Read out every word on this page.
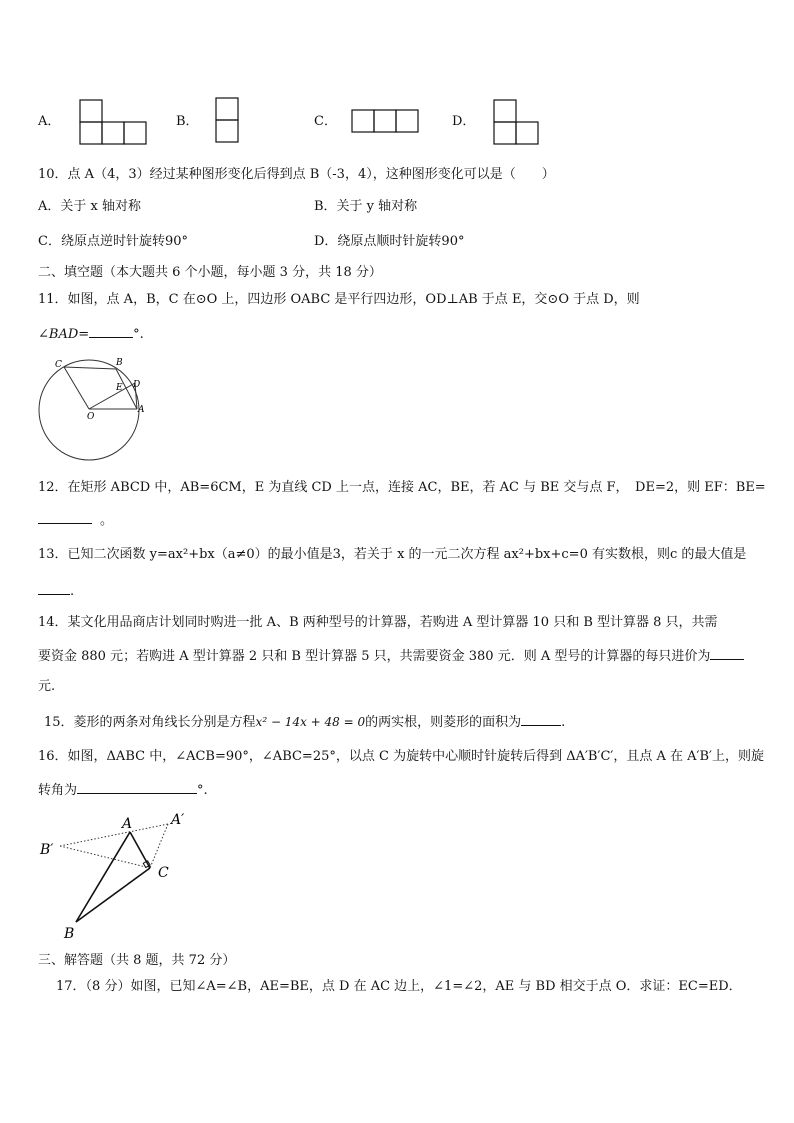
A．	B．	C．	D．
10．点 A（4，3）经过某种图形变化后得到点 B（-3，4），这种图形变化可以是（　　）
A．关于 x 轴对称	B．关于 y 轴对称
C．绕原点逆时针旋转90°	D．绕原点顺时针旋转90°
二、填空题（本大题共 6 个小题，每小题 3 分，共 18 分）
11．如图，点 A，B，C 在⊙O 上，四边形 OABC 是平行四边形，OD⊥AB 于点 E，交⊙O 于点 D，则
∠BAD=	°.
C	B
E D
O
A
12．在矩形 ABCD 中，AB=6CM，E 为直线 CD 上一点，连接 AC，BE，若 AC 与 BE 交与点 F，　DE=2，则 EF：BE=
。
13．已知二次函数 y=ax²+bx（a≠0）的最小值是3，若关于 x 的一元二次方程 ax²+bx+c=0 有实数根，则c 的最大值是
.
14．某文化用品商店计划同时购进一批 A、B 两种型号的计算器，若购进 A 型计算器 10 只和 B 型计算器 8 只，共需
要资金 880 元；若购进 A 型计算器 2 只和 B 型计算器 5 只，共需要资金 380 元．则 A 型号的计算器的每只进价为
元.
15．菱形的两条对角线长分别是方程x² − 14x + 48 = 0的两实根，则菱形的面积为	.
16．如图，ΔABC 中，∠ACB=90°，∠ABC=25°，以点 C 为旋转中心顺时针旋转后得到 ΔA′B′C′，且点 A 在 A′B′上，则旋
转角为	°.
A	A′
B′
C
B
三、解答题（共 8 题，共 72 分）
17．（8 分）如图，已知∠A=∠B，AE=BE，点 D 在 AC 边上，∠1=∠2，AE 与 BD 相交于点 O．求证：EC=ED．
